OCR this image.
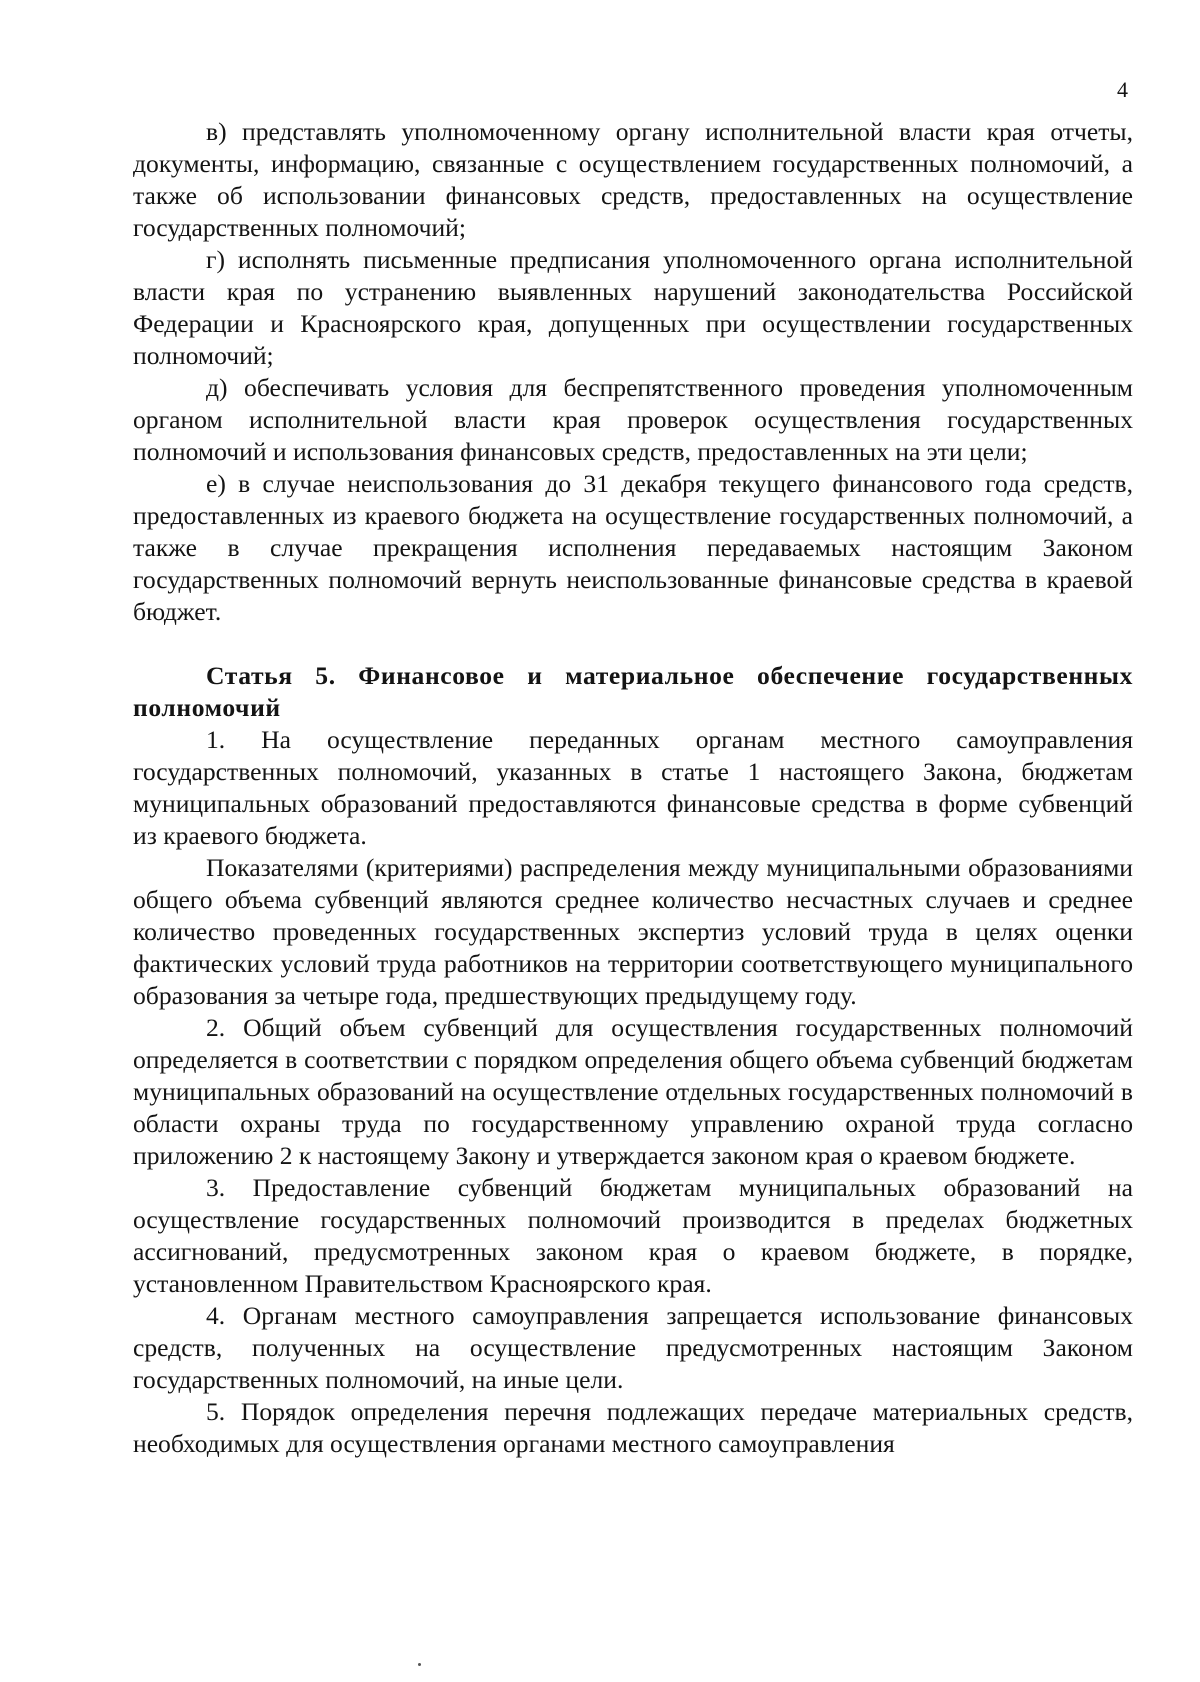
4

в) представлять уполномоченному органу исполнительной власти края отчеты, документы, информацию, связанные с осуществлением государственных полномочий, а также об использовании финансовых средств, предоставленных на осуществление государственных полномочий;

г) исполнять письменные предписания уполномоченного органа исполнительной власти края по устранению выявленных нарушений законодательства Российской Федерации и Красноярского края, допущенных при осуществлении государственных полномочий;

д) обеспечивать условия для беспрепятственного проведения уполномоченным органом исполнительной власти края проверок осуществления государственных полномочий и использования финансовых средств, предоставленных на эти цели;

е) в случае неиспользования до 31 декабря текущего финансового года средств, предоставленных из краевого бюджета на осуществление государственных полномочий, а также в случае прекращения исполнения передаваемых настоящим Законом государственных полномочий вернуть неиспользованные финансовые средства в краевой бюджет.

Статья 5. Финансовое и материальное обеспечение государственных полномочий

1. На осуществление переданных органам местного самоуправления государственных полномочий, указанных в статье 1 настоящего Закона, бюджетам муниципальных образований предоставляются финансовые средства в форме субвенций из краевого бюджета.

Показателями (критериями) распределения между муниципальными образованиями общего объема субвенций являются среднее количество несчастных случаев и среднее количество проведенных государственных экспертиз условий труда в целях оценки фактических условий труда работников на территории соответствующего муниципального образования за четыре года, предшествующих предыдущему году.

2. Общий объем субвенций для осуществления государственных полномочий определяется в соответствии с порядком определения общего объема субвенций бюджетам муниципальных образований на осуществление отдельных государственных полномочий в области охраны труда по государственному управлению охраной труда согласно приложению 2 к настоящему Закону и утверждается законом края о краевом бюджете.

3. Предоставление субвенций бюджетам муниципальных образований на осуществление государственных полномочий производится в пределах бюджетных ассигнований, предусмотренных законом края о краевом бюджете, в порядке, установленном Правительством Красноярского края.

4. Органам местного самоуправления запрещается использование финансовых средств, полученных на осуществление предусмотренных настоящим Законом государственных полномочий, на иные цели.

5. Порядок определения перечня подлежащих передаче материальных средств, необходимых для осуществления органами местного самоуправления
